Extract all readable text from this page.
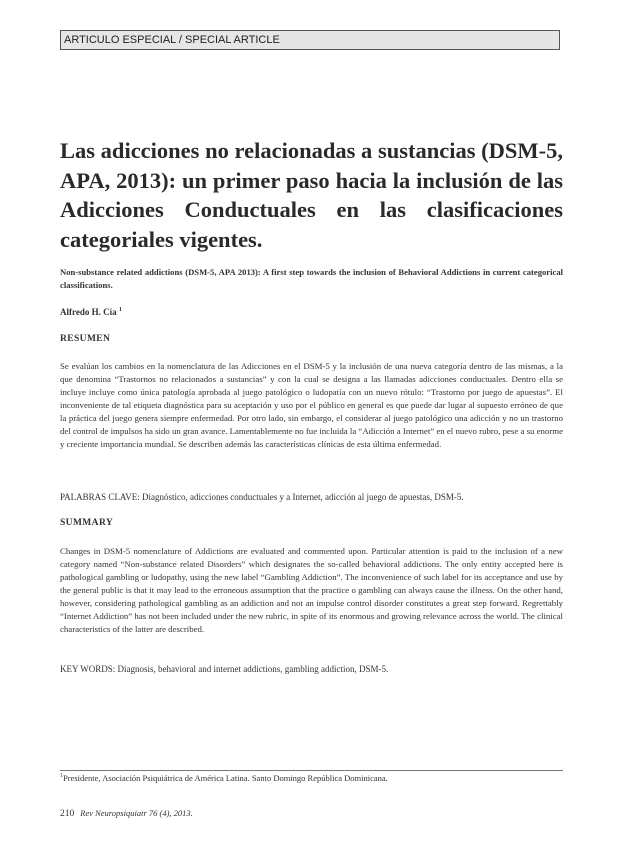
ARTICULO ESPECIAL / SPECIAL ARTICLE
Las adicciones no relacionadas a sustancias (DSM-5, APA, 2013): un primer paso hacia la inclusión de las Adicciones Conductuales en las clasificaciones categoriales vigentes.
Non-substance related addictions (DSM-5, APA 2013): A first step towards the inclusion of Behavioral Addictions in current categorical classifications.
Alfredo H. Cía $^1$
RESUMEN

Se evalúan los cambios en la nomenclatura de las Adicciones en el DSM-5 y la inclusión de una nueva categoría dentro de las mismas, a la que denomina “Trastornos no relacionados a sustancias” y con la cual se designa a las llamadas adicciones conductuales. Dentro ella se incluye incluye como única patología aprobada al juego patológico o ludopatía con un nuevo rótulo: “Trastorno por juego de apuestas”. El inconveniente de tal etiqueta diagnóstica para su aceptación y uso por el público en general es que puede dar lugar al supuesto erróneo de que la práctica del juego genera siempre enfermedad. Por otro lado, sin embargo, el considerar al juego patológico una adicción y no un trastorno del control de impulsos ha sido un gran avance. Lamentablemente no fue incluida la “Adicción a Internet” en el nuevo rubro, pese a su enorme y creciente importancia mundial. Se describen además las características clínicas de esta última enfermedad.

PALABRAS CLAVE: Diagnóstico, adicciones conductuales y a Internet, adicción al juego de apuestas, DSM-5.
SUMMARY

Changes in DSM-5 nomenclature of Addictions are evaluated and commented upon. Particular attention is paid to the inclusion of a new category named “Non-substance related Disorders” which designates the so-called behavioral addictions. The only entity accepted here is pathological gambling or ludopathy, using the new label “Gambling Addiction”. The inconvenience of such label for its acceptance and use by the general public is that it may lead to the erroneous assumption that the practice o gambling can always cause the illness. On the other hand, however, considering pathological gambling as an addiction and not an impulse control disorder constitutes a great step forward. Regrettably “Internet Addiction” has not been included under the new rubric, in spite of its enormous and growing relevance across the world. The clinical characteristics of the latter are described.

KEY WORDS: Diagnosis, behavioral and internet addictions, gambling addiction, DSM-5.
$^1$Presidente, Asociación Psiquiátrica de América Latina. Santo Domingo República Dominicana.
210 Rev Neuropsiquiatr 76 (4), 2013.
